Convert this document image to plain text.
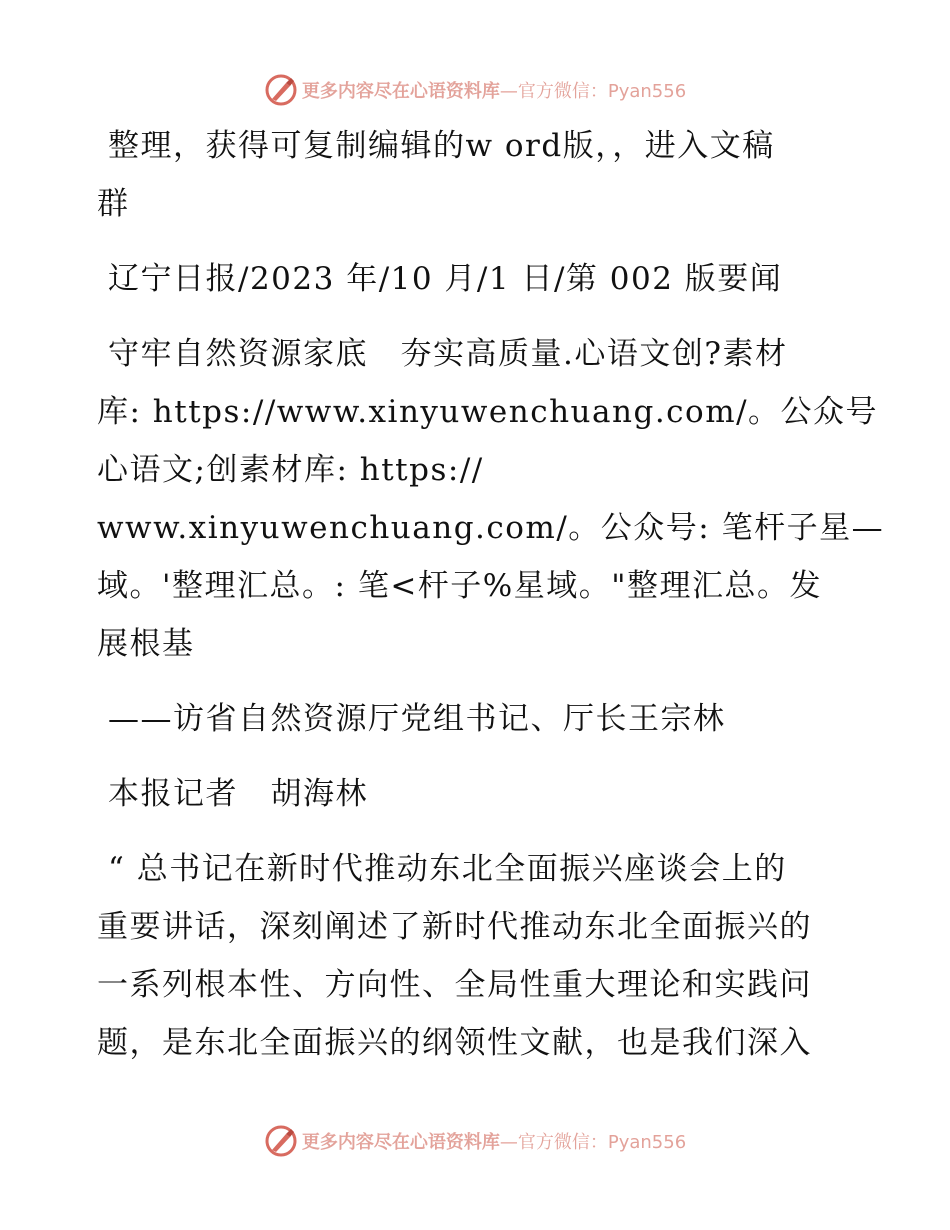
更多内容尽在心语资料库 —官方微信：Pyan556
整理，获得可复制编辑的w ord版，，进入文稿
群
辽宁日报/2023 年/10 月/1 日/第 002 版要闻
守牢自然资源家底　夯实高质量.心语文创?素材
库: https://www.xinyuwenchuang.com/。公众号
心语文;创素材库: https://
www.xinyuwenchuang.com/。公众号: 笔杆子星—
域。'整理汇总。: 笔<杆子%星域。"整理汇总。发
展根基
——访省自然资源厅党组书记、厅长王宗林
本报记者　胡海林
“ 总书记在新时代推动东北全面振兴座谈会上的
重要讲话，深刻阐述了新时代推动东北全面振兴的
一系列根本性、方向性、全局性重大理论和实践问
题，是东北全面振兴的纲领性文献，也是我们深入
更多内容尽在心语资料库 —官方微信：Pyan556
